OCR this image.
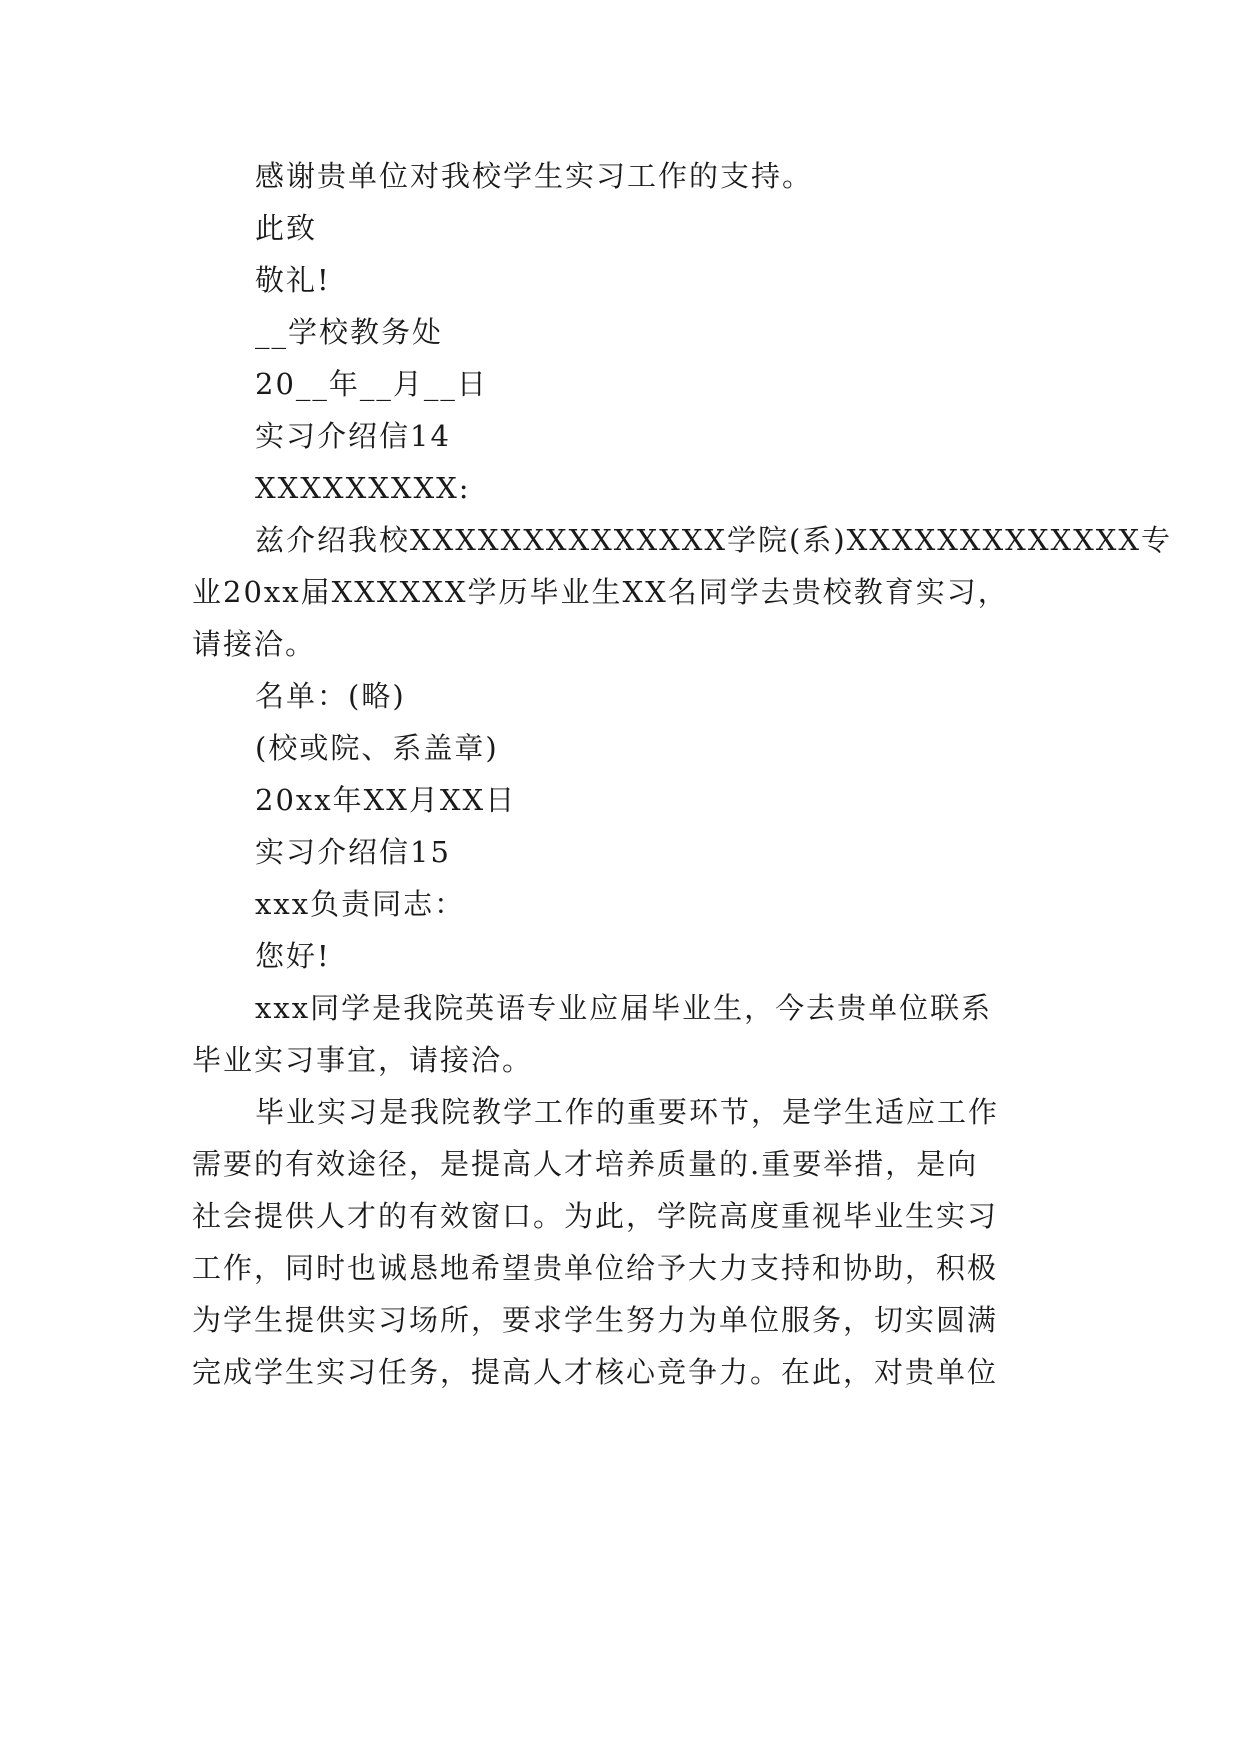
感谢贵单位对我校学生实习工作的支持。
此致
敬礼!
__学校教务处
20__年__月__日
实习介绍信14
XXXXXXXXX:
兹介绍我校XXXXXXXXXXXXXX学院(系)XXXXXXXXXXXXX专
业20xx届XXXXXX学历毕业生XX名同学去贵校教育实习，
请接洽。
名单：(略)
(校或院、系盖章)
20xx年XX月XX日
实习介绍信15
xxx负责同志：
您好!
xxx同学是我院英语专业应届毕业生，今去贵单位联系
毕业实习事宜，请接洽。
毕业实习是我院教学工作的重要环节，是学生适应工作
需要的有效途径，是提高人才培养质量的.重要举措，是向
社会提供人才的有效窗口。为此，学院高度重视毕业生实习
工作，同时也诚恳地希望贵单位给予大力支持和协助，积极
为学生提供实习场所，要求学生努力为单位服务，切实圆满
完成学生实习任务，提高人才核心竞争力。在此，对贵单位
